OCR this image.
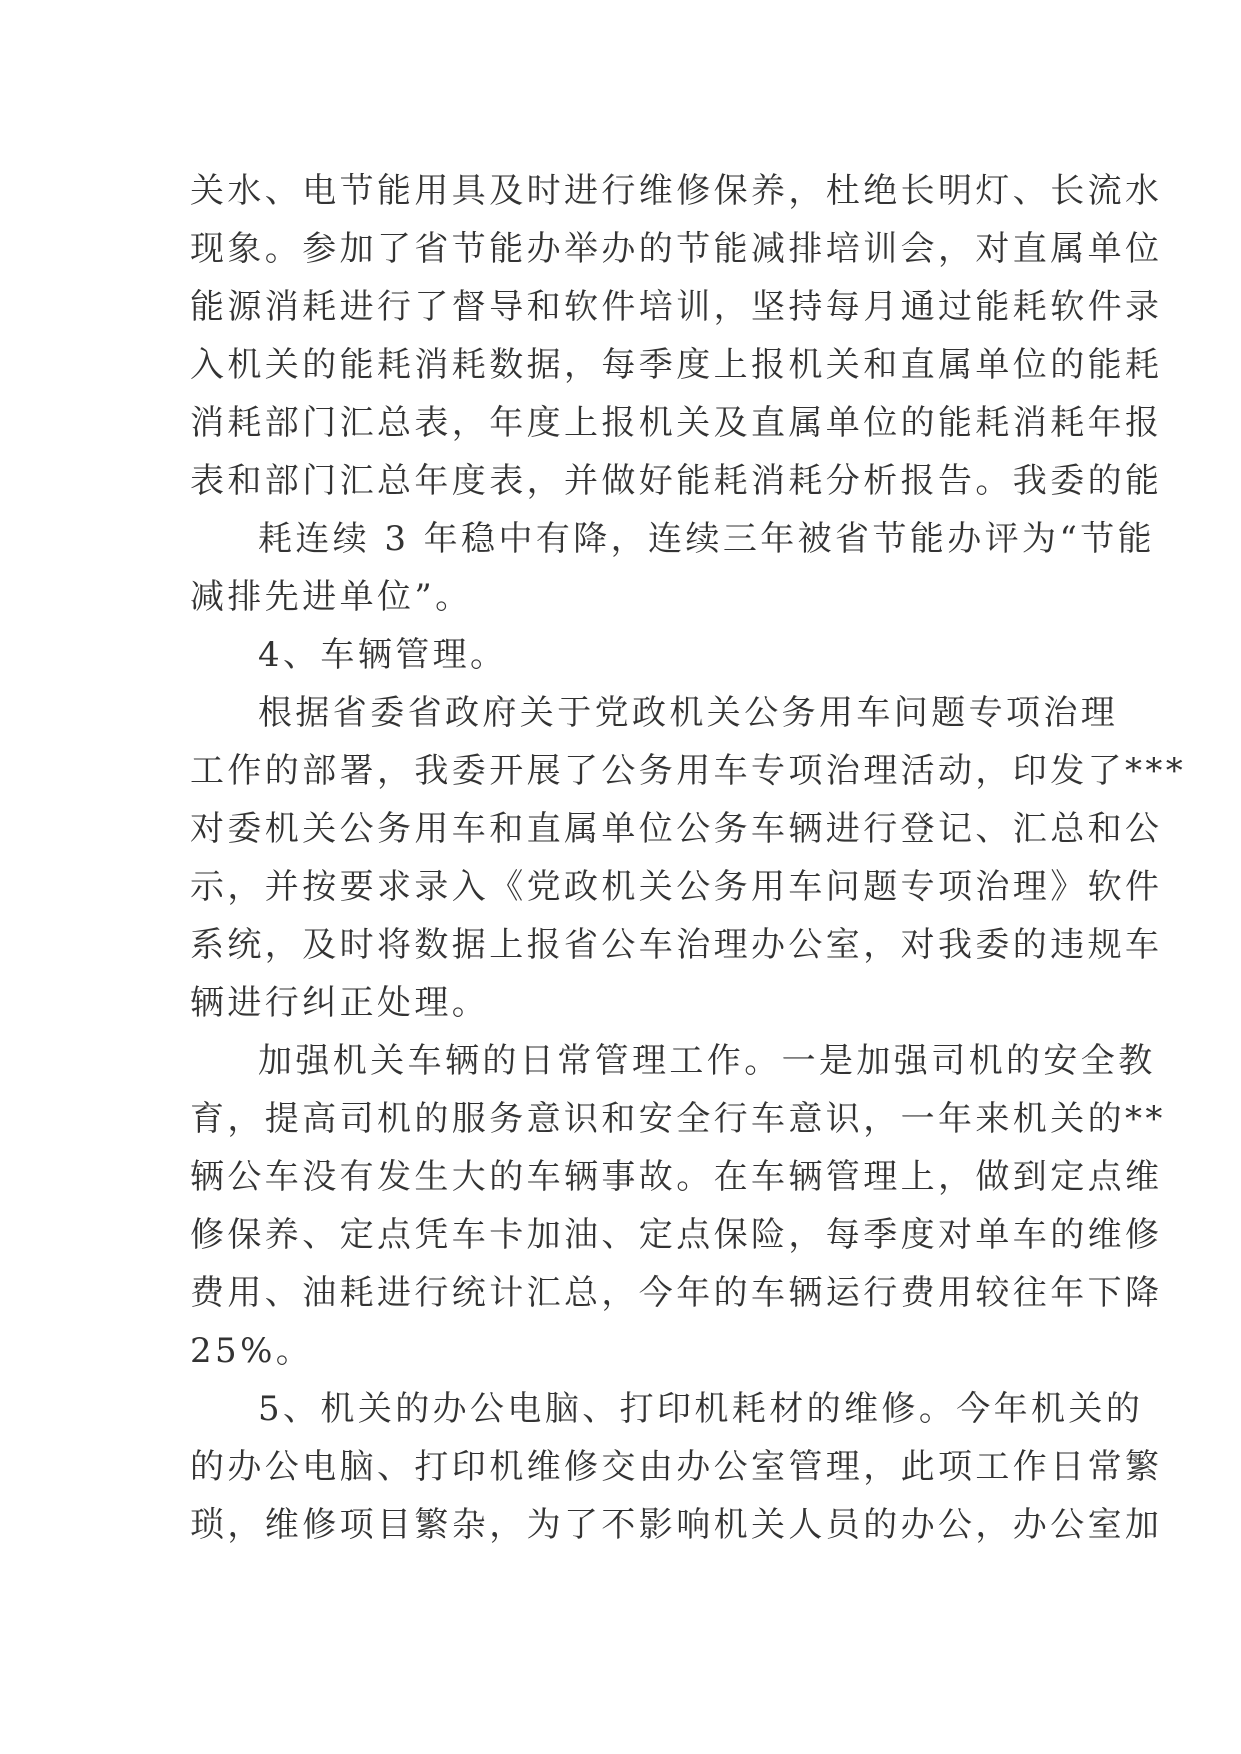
关水、电节能用具及时进行维修保养，杜绝长明灯、长流水

现象。参加了省节能办举办的节能减排培训会，对直属单位

能源消耗进行了督导和软件培训，坚持每月通过能耗软件录

入机关的能耗消耗数据，每季度上报机关和直属单位的能耗

消耗部门汇总表，年度上报机关及直属单位的能耗消耗年报

表和部门汇总年度表，并做好能耗消耗分析报告。我委的能

耗连续 3 年稳中有降，连续三年被省节能办评为“节能

减排先进单位”。

4、车辆管理。

根据省委省政府关于党政机关公务用车问题专项治理

工作的部署，我委开展了公务用车专项治理活动，印发了***

对委机关公务用车和直属单位公务车辆进行登记、汇总和公

示，并按要求录入《党政机关公务用车问题专项治理》软件

系统，及时将数据上报省公车治理办公室，对我委的违规车

辆进行纠正处理。

加强机关车辆的日常管理工作。一是加强司机的安全教

育，提高司机的服务意识和安全行车意识，一年来机关的**

辆公车没有发生大的车辆事故。在车辆管理上，做到定点维

修保养、定点凭车卡加油、定点保险，每季度对单车的维修

费用、油耗进行统计汇总，今年的车辆运行费用较往年下降

25%。

5、机关的办公电脑、打印机耗材的维修。今年机关的

的办公电脑、打印机维修交由办公室管理，此项工作日常繁

琐，维修项目繁杂，为了不影响机关人员的办公，办公室加
